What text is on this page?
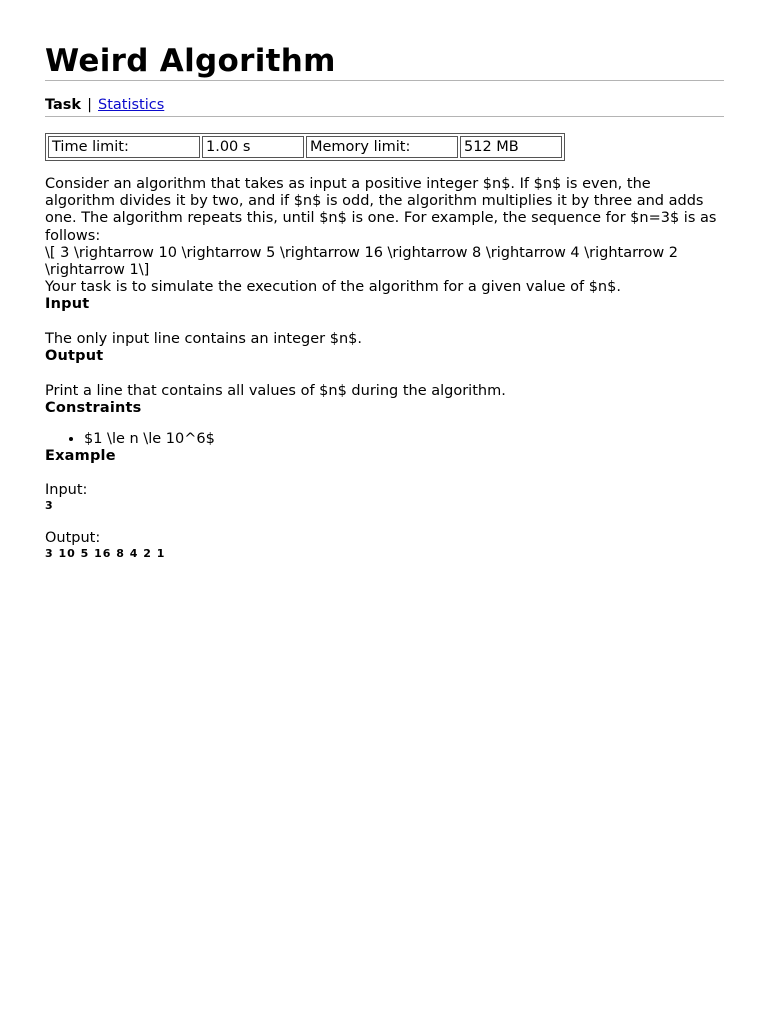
Weird Algorithm
Task | Statistics
Time limit:	1.00 s	Memory limit:	512 MB

Consider an algorithm that takes as input a positive integer $n$. If $n$ is even, the algorithm divides it by two, and if $n$ is odd, the algorithm multiplies it by three and adds one. The algorithm repeats this, until $n$ is one. For example, the sequence for $n=3$ is as follows:

\[ 3 \rightarrow 10 \rightarrow 5 \rightarrow 16 \rightarrow 8 \rightarrow 4 \rightarrow 2 \rightarrow 1\]

Your task is to simulate the execution of the algorithm for a given value of $n$.

Input

The only input line contains an integer $n$.

Output

Print a line that contains all values of $n$ during the algorithm.

Constraints
• $1 \le n \le 10^6$
Example
Input:
3
Output:
3 10 5 16 8 4 2 1
